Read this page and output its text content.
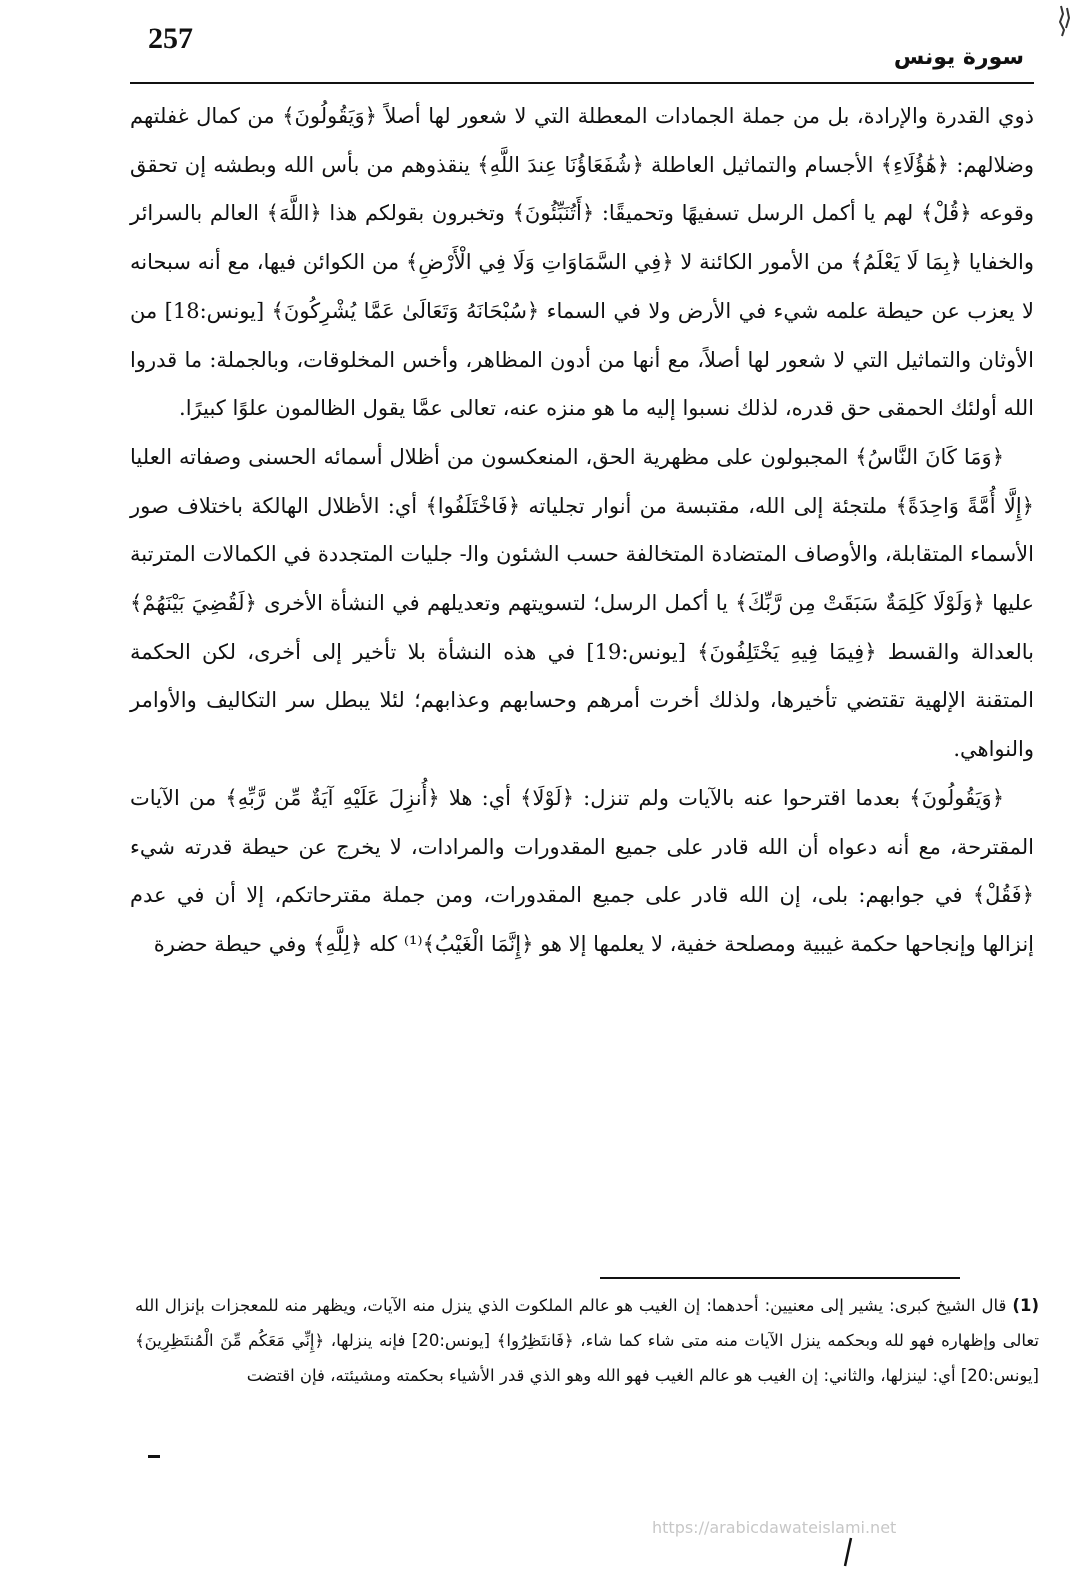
257
سورة يونس

ذوي القدرة والإرادة، بل من جملة الجمادات المعطلة التي لا شعور لها أصلاً ﴿وَيَقُولُونَ﴾ من كمال غفلتهم وضلالهم: ﴿هَٰؤُلَاءِ﴾ الأجسام والتماثيل العاطلة ﴿شُفَعَاؤُنَا عِندَ اللَّهِ﴾ ينقذوهم من بأس الله وبطشه إن تحقق وقوعه ﴿قُلْ﴾ لهم يا أكمل الرسل تسفيهًا وتحميقًا: ﴿أَتُنَبِّئُونَ﴾ وتخبرون بقولكم هذا ﴿اللَّهَ﴾ العالم بالسرائر والخفايا ﴿بِمَا لَا يَعْلَمُ﴾ من الأمور الكائنة لا ﴿فِي السَّمَاوَاتِ وَلَا فِي الْأَرْضِ﴾ من الكوائن فيها، مع أنه سبحانه لا يعزب عن حيطة علمه شيء في الأرض ولا في السماء ﴿سُبْحَانَهُ وَتَعَالَىٰ عَمَّا يُشْرِكُونَ﴾ [يونس:18] من الأوثان والتماثيل التي لا شعور لها أصلاً، مع أنها من أدون المظاهر، وأخس المخلوقات، وبالجملة: ما قدروا الله أولئك الحمقى حق قدره، لذلك نسبوا إليه ما هو منزه عنه، تعالى عمَّا يقول الظالمون علوًا كبيرًا.

﴿وَمَا كَانَ النَّاسُ﴾ المجبولون على مظهرية الحق، المنعكسون من أظلال أسمائه الحسنى وصفاته العليا ﴿إِلَّا أُمَّةً وَاحِدَةً﴾ ملتجئة إلى الله، مقتبسة من أنوار تجلياته ﴿فَاخْتَلَفُوا﴾ أي: الأظلال الهالكة باختلاف صور الأسماء المتقابلة، والأوصاف المتضادة المتخالفة حسب الشئون واﻟ- جليات المتجددة في الكمالات المترتبة عليها ﴿وَلَوْلَا كَلِمَةٌ سَبَقَتْ مِن رَّبِّكَ﴾ يا أكمل الرسل؛ لتسويتهم وتعديلهم في النشأة الأخرى ﴿لَقُضِيَ بَيْنَهُمْ﴾ بالعدالة والقسط ﴿فِيمَا فِيهِ يَخْتَلِفُونَ﴾ [يونس:19] في هذه النشأة بلا تأخير إلى أخرى، لكن الحكمة المتقنة الإلهية تقتضي تأخيرها، ولذلك أخرت أمرهم وحسابهم وعذابهم؛ لئلا يبطل سر التكاليف والأوامر والنواهي.

﴿وَيَقُولُونَ﴾ بعدما اقترحوا عنه بالآيات ولم تنزل: ﴿لَوْلَا﴾ أي: هلا ﴿أُنزِلَ عَلَيْهِ آيَةٌ مِّن رَّبِّهِ﴾ من الآيات المقترحة، مع أنه دعواه أن الله قادر على جميع المقدورات والمرادات، لا يخرج عن حيطة قدرته شيء ﴿فَقُلْ﴾ في جوابهم: بلى، إن الله قادر على جميع المقدورات، ومن جملة مقترحاتكم، إلا أن في عدم إنزالها وإنجاحها حكمة غيبية ومصلحة خفية، لا يعلمها إلا هو ﴿إِنَّمَا الْغَيْبُ﴾⁽¹⁾ كله ﴿لِلَّهِ﴾ وفي حيطة حضرة

(1) قال الشيخ كبرى: يشير إلى معنيين: أحدهما: إن الغيب هو عالم الملكوت الذي ينزل منه الآيات، ويظهر منه للمعجزات بإنزال الله تعالى وإظهاره فهو لله وبحكمه ينزل الآيات منه متى شاء كما شاء، ﴿فَانتَظِرُوا﴾ [يونس:20] فإنه ينزلها، ﴿إِنِّي مَعَكُم مِّنَ الْمُنتَظِرِينَ﴾ [يونس:20] أي: لينزلها، والثاني: إن الغيب هو عالم الغيب فهو الله وهو الذي قدر الأشياء بحكمته ومشيئته، فإن اقتضت

https://arabicdawateislami.net
